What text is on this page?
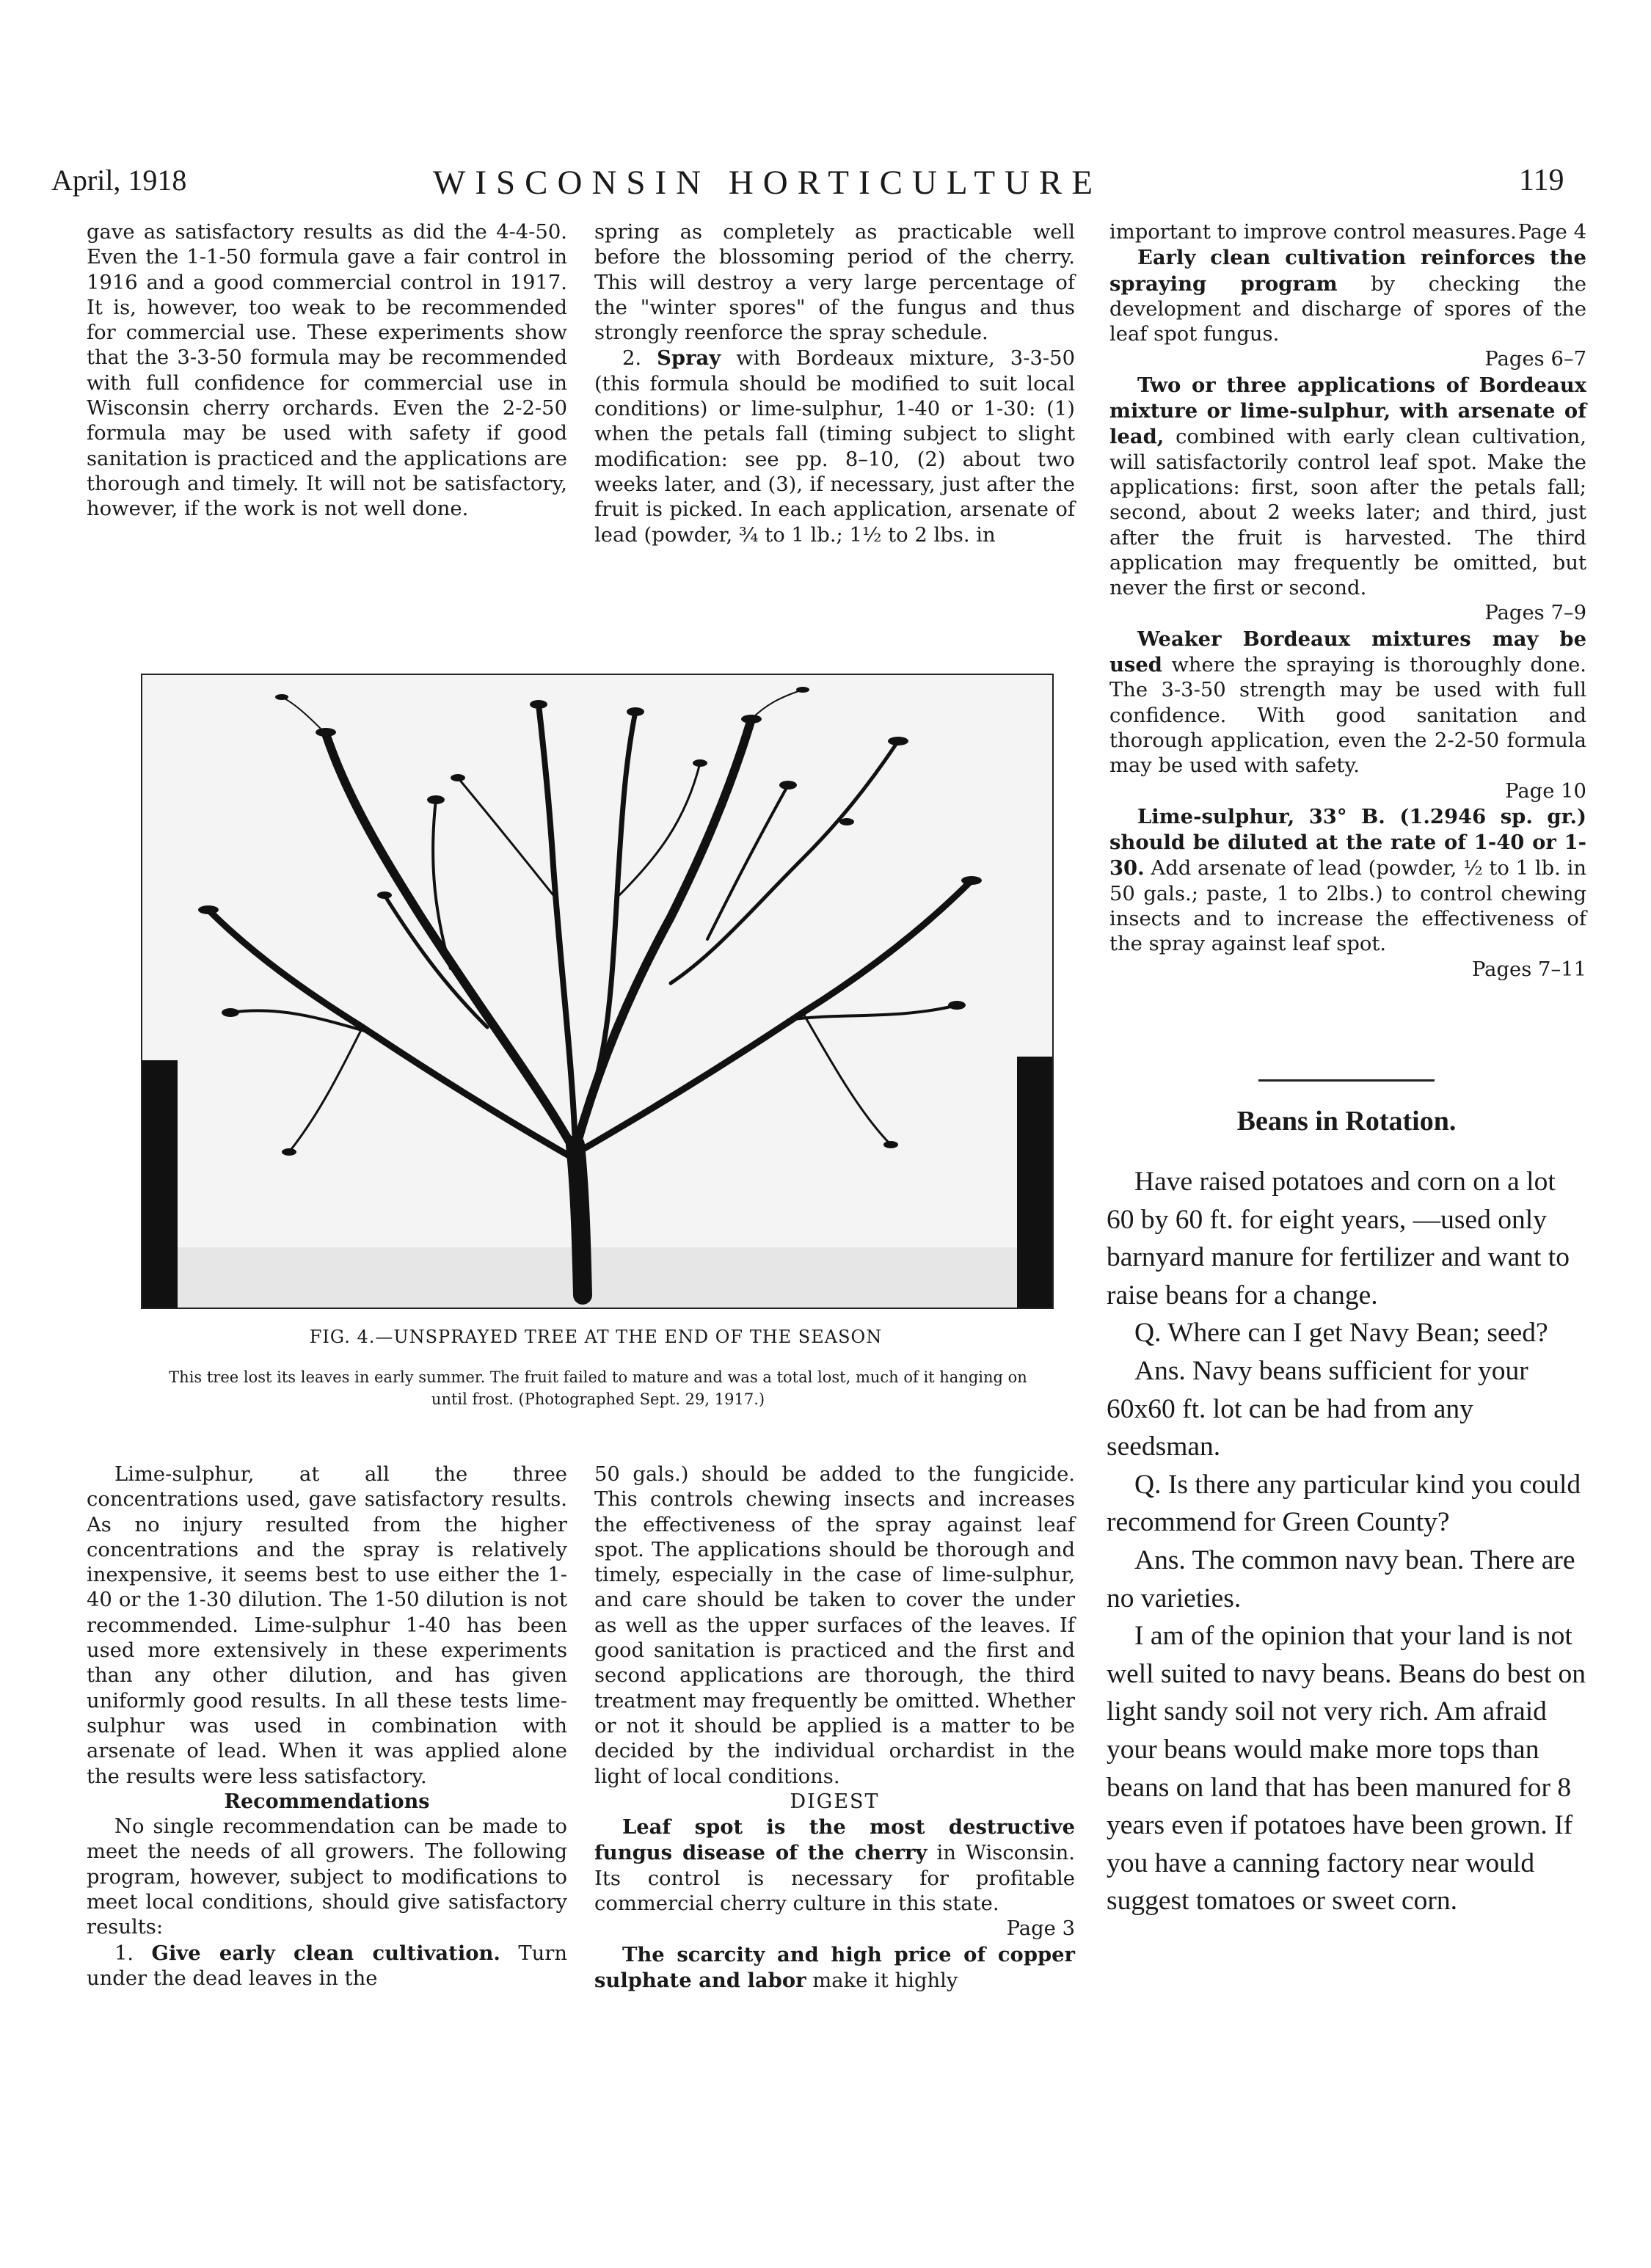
April, 1918	WISCONSIN HORTICULTURE	119

gave as satisfactory results as did the 4-4-50. Even the 1-1-50 formula gave a fair control in 1916 and a good commercial control in 1917. It is, however, too weak to be recommended for commercial use. These experiments show that the 3-3-50 formula may be recommended with full confidence for commercial use in Wisconsin cherry orchards. Even the 2-2-50 formula may be used with safety if good sanitation is practiced and the applications are thorough and timely. It will not be satisfactory, however, if the work is not well done.

spring as completely as practicable well before the blossoming period of the cherry. This will destroy a very large percentage of the "winter spores" of the fungus and thus strongly reenforce the spray schedule.

2. Spray with Bordeaux mixture, 3-3-50 (this formula should be modified to suit local conditions) or lime-sulphur, 1-40 or 1-30: (1) when the petals fall (timing subject to slight modification: see pp. 8–10, (2) about two weeks later, and (3), if necessary, just after the fruit is picked. In each application, arsenate of lead (powder, ¾ to 1 lb.; 1½ to 2 lbs. in

important to improve control measures. Page 4

Early clean cultivation reinforces the spraying program by checking the development and discharge of spores of the leaf spot fungus.

Pages 6–7

Two or three applications of Bordeaux mixture or lime-sulphur, with arsenate of lead, combined with early clean cultivation, will satisfactorily control leaf spot. Make the applications: first, soon after the petals fall; second, about 2 weeks later; and third, just after the fruit is harvested. The third application may frequently be omitted, but never the first or second.

Pages 7–9

Weaker Bordeaux mixtures may be used where the spraying is thoroughly done. The 3-3-50 strength may be used with full confidence. With good sanitation and thorough application, even the 2-2-50 formula may be used with safety.

Page 10

Lime-sulphur, 33° B. (1.2946 sp. gr.) should be diluted at the rate of 1-40 or 1-30. Add arsenate of lead (powder, ½ to 1 lb. in 50 gals.; paste, 1 to 2lbs.) to control chewing insects and to increase the effectiveness of the spray against leaf spot.

Pages 7–11

FIG. 4.—UNSPRAYED TREE AT THE END OF THE SEASON
This tree lost its leaves in early summer. The fruit failed to mature and was a total lost, much of it hanging on until frost. (Photographed Sept. 29, 1917.)

Lime-sulphur, at all the three concentrations used, gave satisfactory results. As no injury resulted from the higher concentrations and the spray is relatively inexpensive, it seems best to use either the 1-40 or the 1-30 dilution. The 1-50 dilution is not recommended. Lime-sulphur 1-40 has been used more extensively in these experiments than any other dilution, and has given uniformly good results. In all these tests lime-sulphur was used in combination with arsenate of lead. When it was applied alone the results were less satisfactory.

Recommendations

No single recommendation can be made to meet the needs of all growers. The following program, however, subject to modifications to meet local conditions, should give satisfactory results:

1. Give early clean cultivation. Turn under the dead leaves in the

50 gals.) should be added to the fungicide. This controls chewing insects and increases the effectiveness of the spray against leaf spot. The applications should be thorough and timely, especially in the case of lime-sulphur, and care should be taken to cover the under as well as the upper surfaces of the leaves. If good sanitation is practiced and the first and second applications are thorough, the third treatment may frequently be omitted. Whether or not it should be applied is a matter to be decided by the individual orchardist in the light of local conditions.

DIGEST

Leaf spot is the most destructive fungus disease of the cherry in Wisconsin. Its control is necessary for profitable commercial cherry culture in this state.
Page 3

The scarcity and high price of copper sulphate and labor make it highly

Beans in Rotation.

Have raised potatoes and corn on a lot 60 by 60 ft. for eight years, —used only barnyard manure for fertilizer and want to raise beans for a change.

Q. Where can I get Navy Bean; seed?

Ans. Navy beans sufficient for your 60x60 ft. lot can be had from any seedsman.

Q. Is there any particular kind you could recommend for Green County?

Ans. The common navy bean. There are no varieties.

I am of the opinion that your land is not well suited to navy beans. Beans do best on light sandy soil not very rich. Am afraid your beans would make more tops than beans on land that has been manured for 8 years even if potatoes have been grown. If you have a canning factory near would suggest tomatoes or sweet corn.
